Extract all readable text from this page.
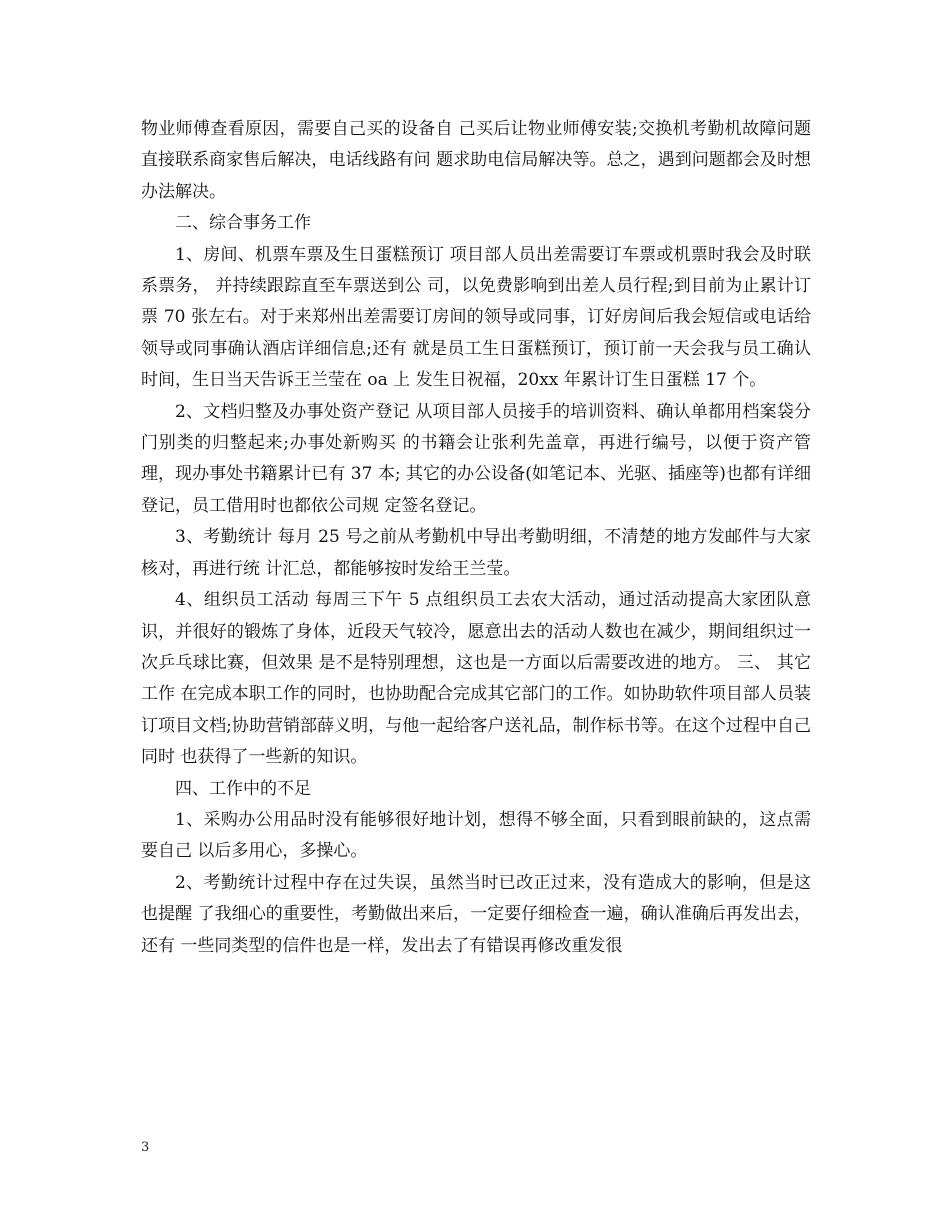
物业师傅查看原因，需要自己买的设备自 己买后让物业师傅安装;交换机考勤机故障问题直接联系商家售后解决，电话线路有问 题求助电信局解决等。总之，遇到问题都会及时想办法解决。

二、综合事务工作

1、房间、机票车票及生日蛋糕预订 项目部人员出差需要订车票或机票时我会及时联系票务， 并持续跟踪直至车票送到公 司，以免费影响到出差人员行程;到目前为止累计订票 70 张左右。对于来郑州出差需要订房间的领导或同事，订好房间后我会短信或电话给领导或同事确认酒店详细信息;还有 就是员工生日蛋糕预订，预订前一天会我与员工确认时间，生日当天告诉王兰莹在 oa 上 发生日祝福，20xx 年累计订生日蛋糕 17 个。

2、文档归整及办事处资产登记 从项目部人员接手的培训资料、确认单都用档案袋分门别类的归整起来;办事处新购买 的书籍会让张利先盖章，再进行编号，以便于资产管理，现办事处书籍累计已有 37 本; 其它的办公设备(如笔记本、光驱、插座等)也都有详细登记，员工借用时也都依公司规 定签名登记。

3、考勤统计 每月 25 号之前从考勤机中导出考勤明细，不清楚的地方发邮件与大家核对，再进行统 计汇总，都能够按时发给王兰莹。

4、组织员工活动 每周三下午 5 点组织员工去农大活动，通过活动提高大家团队意识，并很好的锻炼了身体，近段天气较冷，愿意出去的活动人数也在减少，期间组织过一次乒乓球比赛，但效果 是不是特别理想，这也是一方面以后需要改进的地方。 三、 其它工作 在完成本职工作的同时，也协助配合完成其它部门的工作。如协助软件项目部人员装订项目文档;协助营销部薛义明，与他一起给客户送礼品，制作标书等。在这个过程中自己同时 也获得了一些新的知识。

四、工作中的不足

1、采购办公用品时没有能够很好地计划，想得不够全面，只看到眼前缺的，这点需要自己 以后多用心，多操心。

2、考勤统计过程中存在过失误，虽然当时已改正过来，没有造成大的影响，但是这也提醒 了我细心的重要性，考勤做出来后，一定要仔细检查一遍，确认准确后再发出去，还有 一些同类型的信件也是一样，发出去了有错误再修改重发很

3
